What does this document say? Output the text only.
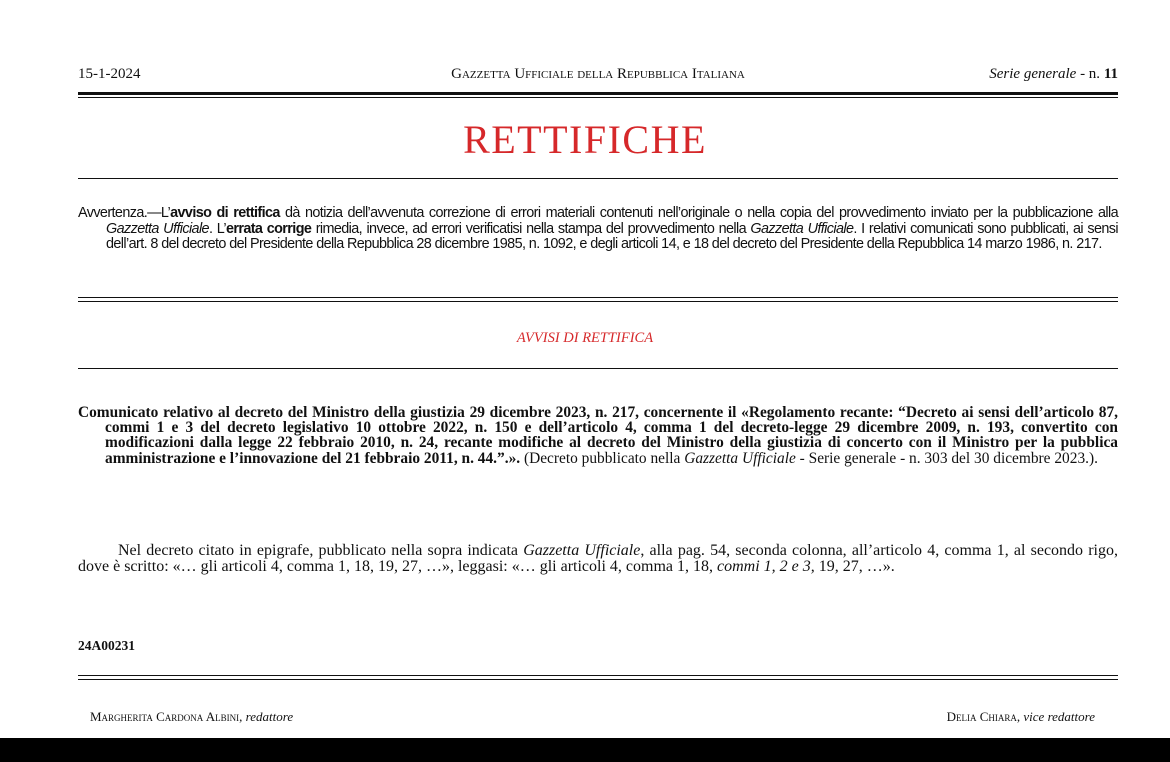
15-1-2024	Gazzetta Ufficiale della Repubblica Italiana	Serie generale - n. 11
RETTIFICHE
Avvertenza.—L’avviso di rettifica dà notizia dell’avvenuta correzione di errori materiali contenuti nell’originale o nella copia del provvedimento inviato per la pubblicazione alla Gazzetta Ufficiale. L’errata corrige rimedia, invece, ad errori verificatisi nella stampa del provvedimento nella Gazzetta Ufficiale. I relativi comunicati sono pubblicati, ai sensi dell’art. 8 del decreto del Presidente della Repubblica 28 dicembre 1985, n. 1092, e degli articoli 14, e 18 del decreto del Presidente della Repubblica 14 marzo 1986, n. 217.
AVVISI DI RETTIFICA
Comunicato relativo al decreto del Ministro della giustizia 29 dicembre 2023, n. 217, concernente il «Regolamento recante: “Decreto ai sensi dell’articolo 87, commi 1 e 3 del decreto legislativo 10 ottobre 2022, n. 150 e dell’articolo 4, comma 1 del decreto-legge 29 dicembre 2009, n. 193, convertito con modificazioni dalla legge 22 febbraio 2010, n. 24, recante modifiche al decreto del Ministro della giustizia di concerto con il Ministro per la pubblica amministrazione e l’innovazione del 21 febbraio 2011, n. 44.”.». (Decreto pubblicato nella Gazzetta Ufficiale - Serie generale - n. 303 del 30 dicembre 2023.).
Nel decreto citato in epigrafe, pubblicato nella sopra indicata Gazzetta Ufficiale, alla pag. 54, seconda colonna, all’articolo 4, comma 1, al secondo rigo, dove è scritto: «… gli articoli 4, comma 1, 18, 19, 27, …», leggasi: «… gli articoli 4, comma 1, 18, commi 1, 2 e 3, 19, 27, …».
24A00231
Margherita Cardona Albini, redattore	Delia Chiara, vice redattore
